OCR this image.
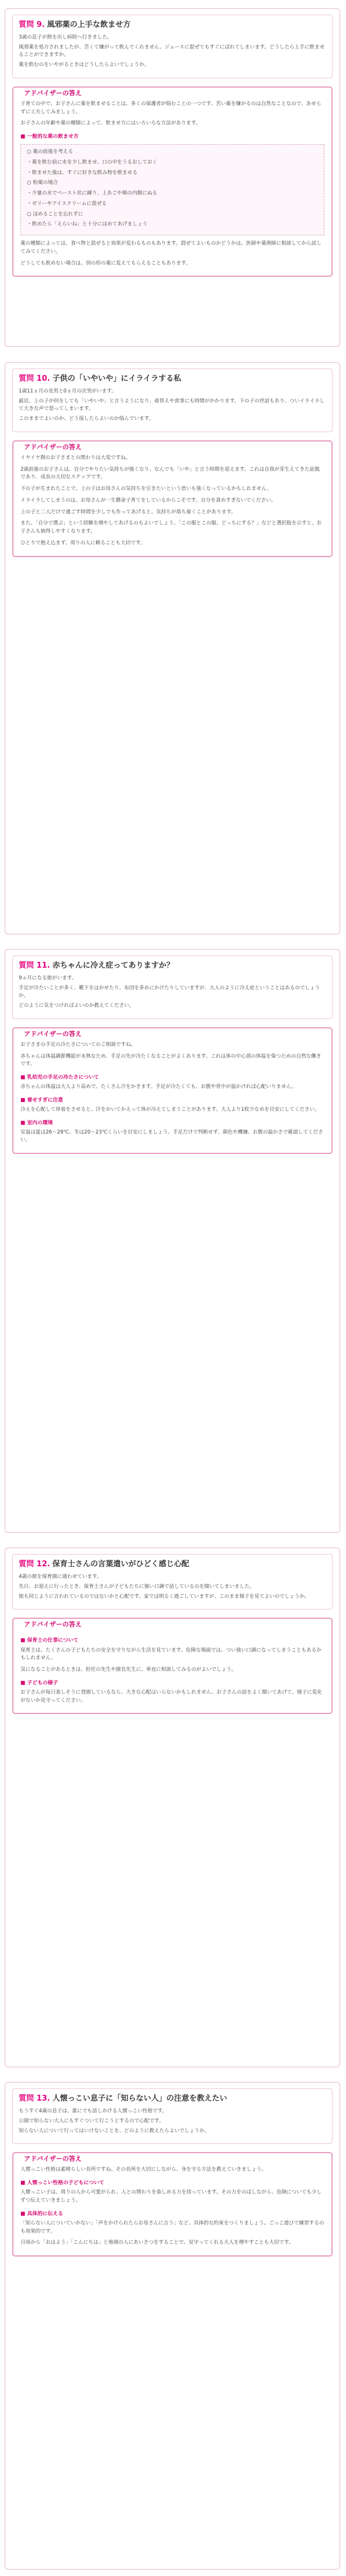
質問 9. 風邪薬の上手な飲ませ方

3歳の息子が熱を出し病院へ行きました。

風邪薬を処方されましたが、苦くて嫌がって飲んでくれません。ジュースに混ぜてもすぐにばれてしまいます。どうしたら上手に飲ませることができますか。

薬を飲むのをいやがるときはどうしたらよいでしょうか。

アドバイザーの答え

子育ての中で、お子さんに薬を飲ませることは、多くの保護者が悩むことの一つです。苦い薬を嫌がるのは自然なことなので、あせらずに工夫してみましょう。

お子さんの年齢や薬の種類によって、飲ませ方にはいろいろな方法があります。

■ 一般的な薬の飲ませ方

○ 薬の前後を考える

・薬を飲む前に水を少し飲ませ、口の中をうるおしておく

・飲ませた後は、すぐに好きな飲み物を飲ませる

○ 粉薬の場合

・少量の水でペースト状に練り、上あごや頬の内側にぬる

・ゼリーやアイスクリームに混ぜる

○ ほめることを忘れずに

・飲めたら「えらいね」と十分にほめてあげましょう

薬の種類によっては、食べ物と混ぜると効果が変わるものもあります。混ぜてよいものかどうかは、医師や薬剤師に相談してから試してみてください。

どうしても飲めない場合は、別の形の薬に変えてもらえることもあります。

質問 10. 子供の「いやいや」にイライラする私

1歳11ヵ月の長男と0ヵ月の次男がいます。

最近、上の子が何をしても「いやいや」と言うようになり、着替えや食事にも時間がかかります。下の子の世話もあり、ついイライラして大きな声で怒ってしまいます。

このままでよいのか、どう接したらよいのか悩んでいます。

アドバイザーの答え

イヤイヤ期のお子さまとの関わりは大変ですね。

2歳前後のお子さんは、自分でやりたい気持ちが強くなり、なんでも「いや」と言う時期を迎えます。これは自我が芽生えてきた証拠であり、成長の大切なステップです。

下の子が生まれたことで、上の子はお母さんの気持ちを引きたいという思いも強くなっているかもしれません。

イライラしてしまうのは、お母さんが一生懸命子育てをしているからこそです。自分を責めすぎないでください。

上の子と二人だけで過ごす時間を少しでも作ってあげると、気持ちが落ち着くことがあります。

また、「自分で選ぶ」という経験を増やしてあげるのもよいでしょう。「この服とこの服、どっちにする？」などと選択肢を示すと、お子さんも納得しやすくなります。

ひとりで抱え込まず、周りの人に頼ることも大切です。

質問 11. 赤ちゃんに冷え症ってありますか？

9ヵ月になる娘がいます。

手足が冷たいことが多く、靴下をはかせたり、布団を多めにかけたりしていますが、大人のように冷え症ということはあるのでしょうか。

どのように気をつければよいのか教えてください。

アドバイザーの答え

お子さまの手足の冷たさについてのご相談ですね。

赤ちゃんは体温調節機能が未熟なため、手足の先が冷たくなることがよくあります。これは体の中心部の体温を保つための自然な働きです。

■ 乳幼児の手足の冷たさについて

赤ちゃんの体温は大人より高めで、たくさん汗をかきます。手足が冷たくても、お腹や背中が温かければ心配いりません。

■ 着せすぎに注意

冷えを心配して厚着をさせると、汗をかいてかえって体が冷えてしまうことがあります。大人より1枚少なめを目安にしてください。

■ 室内の環境

室温は夏は26～28℃、冬は20～23℃くらいを目安にしましょう。手足だけで判断せず、顔色や機嫌、お腹の温かさで確認してください。

質問 12. 保育士さんの言葉遣いがひどく感じ心配

4歳の娘を保育園に通わせています。

先日、お迎えに行ったとき、保育士さんが子どもたちに強い口調で話しているのを聞いてしまいました。

娘も同じように言われているのではないかと心配です。家では明るく過ごしていますが、このまま様子を見てよいのでしょうか。

アドバイザーの答え
■ 保育士の仕事について

保育士は、たくさんの子どもたちの安全を守りながら生活を見ています。危険な場面では、つい強い口調になってしまうこともあるかもしれません。

気になることがあるときは、担任の先生や園長先生に、率直に相談してみるのがよいでしょう。

■ 子どもの様子

お子さんが毎日楽しそうに登園しているなら、大きな心配はいらないかもしれません。お子さんの話をよく聞いてあげて、様子に変化がないか見守ってください。

質問 13. 人懐っこい息子に「知らない人」の注意を教えたい

もうすぐ4歳の息子は、誰にでも話しかける人懐っこい性格です。

公園で知らない大人にもすぐついて行こうとするので心配です。

知らない人について行ってはいけないことを、どのように教えたらよいでしょうか。

アドバイザーの答え

人懐っこい性格は素晴らしい長所ですね。その長所を大切にしながら、身を守る方法を教えていきましょう。

■ 人懐っこい性格の子どもについて

人懐っこい子は、周りの人から可愛がられ、人との関わりを楽しめる力を持っています。その力をのばしながら、危険についても少しずつ伝えていきましょう。

■ 具体的に伝える

「知らない人についていかない」「声をかけられたらお母さんに言う」など、具体的な約束をつくりましょう。ごっこ遊びで練習するのも効果的です。

日頃から「おはよう」「こんにちは」と地域の人にあいさつをすることで、見守ってくれる大人を増やすことも大切です。
